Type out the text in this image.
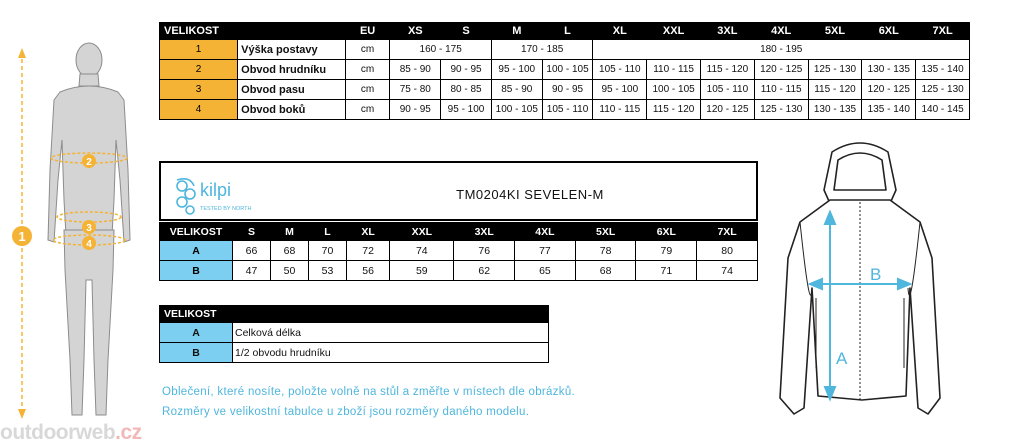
1
2
3
4
VELIKOST		EU	XS	S	M	L	XL	XXL	3XL	4XL	5XL	6XL	7XL
1	Výška postavy	cm	160 - 175		170 - 185		180 - 195						
2	Obvod hrudníku	cm	85 - 90	90 - 95	95 - 100	100 - 105	105 - 110	110 - 115	115 - 120	120 - 125	125 - 130	130 - 135	135 - 140
3	Obvod pasu	cm	75 - 80	80 - 85	85 - 90	90 - 95	95 - 100	100 - 105	105 - 110	110 - 115	115 - 120	120 - 125	125 - 130
4	Obvod boků	cm	90 - 95	95 - 100	100 - 105	105 - 110	110 - 115	115 - 120	120 - 125	125 - 130	130 - 135	135 - 140	140 - 145
kilpi
TESTED BY NORTH
TM0204KI SEVELEN-M
VELIKOST	S	M	L	XL	XXL	3XL	4XL	5XL	6XL	7XL
A	66	68	70	72	74	76	77	78	79	80
B	47	50	53	56	59	62	65	68	71	74
VELIKOST	
A	Celková délka
B	1/2 obvodu hrudníku
Oblečení, které nosíte, položte volně na stůl a změřte v místech dle obrázků.
Rozměry ve velikostní tabulce u zboží jsou rozměry daného modelu.
outdoorweb.cz
A
B
